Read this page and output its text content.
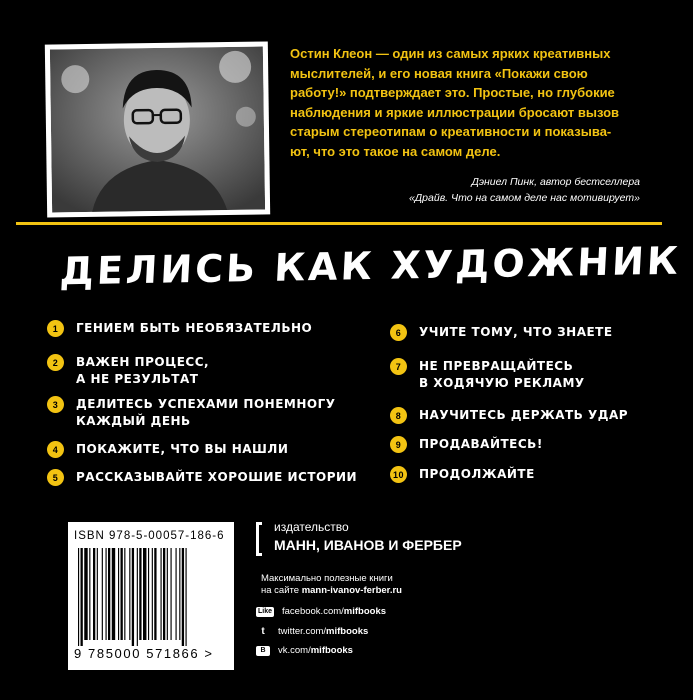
Остин Клеон — один из самых ярких креативных

мыслителей, и его новая книга «Покажи свою

работу!» подтверждает это. Простые, но глубокие

наблюдения и яркие иллюстрации бросают вызов

старым стереотипам о креативности и показыва-

ют, что это такое на самом деле.

Дэниел Пинк, автор бестселлера
«Драйв. Что на самом деле нас мотивирует»
ДЕЛИСЬ КАК ХУДОЖНИК
1	ГЕНИЕМ БЫТЬ НЕОБЯЗАТЕЛЬНО
2	ВАЖЕН ПРОЦЕСС,
А НЕ РЕЗУЛЬТАТ
3	ДЕЛИТЕСЬ УСПЕХАМИ ПОНЕМНОГУ
КАЖДЫЙ ДЕНЬ
4	ПОКАЖИТЕ, ЧТО ВЫ НАШЛИ
5	РАССКАЗЫВАЙТЕ ХОРОШИЕ ИСТОРИИ
6	УЧИТЕ ТОМУ, ЧТО ЗНАЕТЕ
7	НЕ ПРЕВРАЩАЙТЕСЬ
В ХОДЯЧУЮ РЕКЛАМУ
8	НАУЧИТЕСЬ ДЕРЖАТЬ УДАР
9	ПРОДАВАЙТЕСЬ!
10 ПРОДОЛЖАЙТЕ
ISBN 978-5-00057-186-6
9 785000 571866 >
издательство
МАНН, ИВАНОВ И ФЕРБЕР
Максимально полезные книги
на сайте mann-ivanov-ferber.ru
Like facebook.com/ mifbooks
t	twitter.com/ mifbooks
B	vk.com/ mifbooks
